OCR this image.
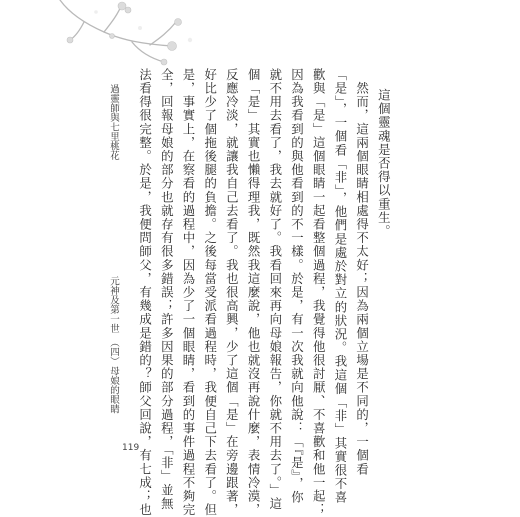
過靈師與七里桃花
元神及第一世　（四）母娘的眼睛

這個靈魂是否得以重生。
　然而，這兩個眼睛相處得不太好；因為兩個立場是不同的，一個看
「是」，一個看「非」，他們是處於對立的狀況。我這個「非」其實很不喜
歡與「是」這個眼睛一起看整個過程，我覺得他很討厭、不喜歡和他一起；
因為我看到的與他看到的不一樣。於是，有一次我就向他說：「『是』，你
就不用去看了，我去就好了。我看回來再向母娘報告，你就不用去了。」這
個「是」其實也懶得理我，既然我這麼說，他也就沒再說什麼，表情冷漠，
反應冷淡，就讓我自己去看了。我也很高興，少了這個「是」在旁邊跟著，
好比少了個拖後腿的負擔。之後每當受派看過程時，我便自己下去看了。但
是，事實上，在察看的過程中，因為少了一個眼睛，看到的事件過程不夠完
全，回報母娘的部分也就存有很多錯誤；許多因果的部分過程，「非」並無
法看得很完整。於是，我便問師父，有幾成是錯的？師父回說，有七成；也

119
